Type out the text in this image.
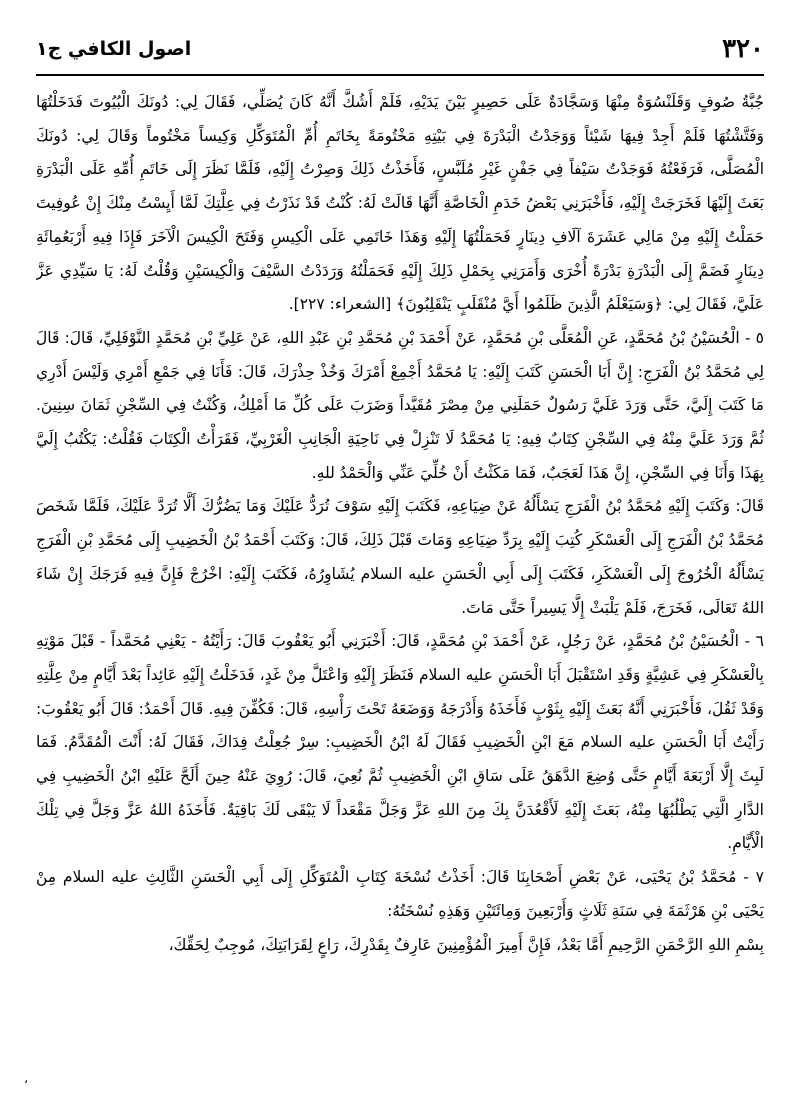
٣٢٠
اصول الكافي ج١

جُبَّةُ صُوفٍ وَقَلَنْسُوَةٌ مِنْهَا وَسَجَّادَةٌ عَلَى حَصِيرٍ بَيْنَ يَدَيْهِ، فَلَمْ أَشُكَّ أَنَّهُ كَانَ يُصَلِّي، فَقَالَ لِي: دُونَكَ الْبُيُوتَ فَدَخَلْتُهَا وَفَتَّشْتُهَا فَلَمْ أَجِدْ فِيهَا شَيْئاً وَوَجَدْتُ الْبَدْرَةَ فِي بَيْتِهِ مَخْتُومَةً بِخَاتَمِ أُمِّ الْمُتَوَكِّلِ وَكِيساً مَخْتُوماً وَقَالَ لِي: دُونَكَ الْمُصَلَّى، فَرَفَعْتُهُ فَوَجَدْتُ سَيْفاً فِي جَفْنٍ غَيْرِ مُلَبَّسٍ، فَأَخَذْتُ ذَلِكَ وَصِرْتُ إِلَيْهِ، فَلَمَّا نَظَرَ إِلَى خَاتَمِ أُمِّهِ عَلَى الْبَدْرَةِ بَعَثَ إِلَيْهَا فَخَرَجَتْ إِلَيْهِ، فَأَخْبَرَنِي بَعْضُ خَدَمِ الْخَاصَّةِ أَنَّهَا قَالَتْ لَهُ: كُنْتُ قَدْ نَذَرْتُ فِي عِلَّتِكَ لَمَّا أَيِسْتُ مِنْكَ إِنْ عُوفِيتَ حَمَلْتُ إِلَيْهِ مِنْ مَالِي عَشَرَةَ آلَافِ دِينَارٍ فَحَمَلْتُهَا إِلَيْهِ وَهَذَا خَاتَمِي عَلَى الْكِيسِ وَفَتَحَ الْكِيسَ الْآخَرَ فَإِذَا فِيهِ أَرْبَعُمِائَةِ دِينَارٍ فَضَمَّ إِلَى الْبَدْرَةِ بَدْرَةً أُخْرَى وَأَمَرَنِي بِحَمْلِ ذَلِكَ إِلَيْهِ فَحَمَلْتُهُ وَرَدَدْتُ السَّيْفَ وَالْكِيسَيْنِ وَقُلْتُ لَهُ: يَا سَيِّدِي عَزَّ عَلَيَّ، فَقَالَ لِي: ﴿وَسَيَعْلَمُ الَّذِينَ ظَلَمُوا أَيَّ مُنْقَلَبٍ يَنْقَلِبُونَ﴾ [الشعراء: ٢٢٧].

٥ - الْحُسَيْنُ بْنُ مُحَمَّدٍ، عَنِ الْمُعَلَّى بْنِ مُحَمَّدٍ، عَنْ أَحْمَدَ بْنِ مُحَمَّدِ بْنِ عَبْدِ اللهِ، عَنْ عَلِيِّ بْنِ مُحَمَّدٍ النَّوْفَلِيِّ، قَالَ: قَالَ لِي مُحَمَّدُ بْنُ الْفَرَجِ: إِنَّ أَبَا الْحَسَنِ كَتَبَ إِلَيْهِ: يَا مُحَمَّدُ أَجْمِعْ أَمْرَكَ وَخُذْ حِذْرَكَ، قَالَ: فَأَنَا فِي جَمْعِ أَمْرِي وَلَيْسَ أَدْرِي مَا كَتَبَ إِلَيَّ، حَتَّى وَرَدَ عَلَيَّ رَسُولٌ حَمَلَنِي مِنْ مِصْرَ مُقَيَّداً وَضَرَبَ عَلَى كُلِّ مَا أَمْلِكُ، وَكُنْتُ فِي السِّجْنِ ثَمَانَ سِنِينَ. ثُمَّ وَرَدَ عَلَيَّ مِنْهُ فِي السِّجْنِ كِتَابٌ فِيهِ: يَا مُحَمَّدُ لَا تَنْزِلْ فِي نَاحِيَةِ الْجَانِبِ الْغَرْبِيِّ، فَقَرَأْتُ الْكِتَابَ فَقُلْتُ: يَكْتُبُ إِلَيَّ بِهَذَا وَأَنَا فِي السِّجْنِ، إِنَّ هَذَا لَعَجَبٌ، فَمَا مَكَثْتُ أَنْ خُلِّيَ عَنِّي وَالْحَمْدُ للهِ.

قَالَ: وَكَتَبَ إِلَيْهِ مُحَمَّدُ بْنُ الْفَرَجِ يَسْأَلُهُ عَنْ ضِيَاعِهِ، فَكَتَبَ إِلَيْهِ سَوْفَ تُرَدُّ عَلَيْكَ وَمَا يَضُرُّكَ أَلَّا تُرَدَّ عَلَيْكَ، فَلَمَّا شَخَصَ مُحَمَّدُ بْنُ الْفَرَجِ إِلَى الْعَسْكَرِ كُتِبَ إِلَيْهِ بِرَدِّ ضِيَاعِهِ وَمَاتَ قَبْلَ ذَلِكَ، قَالَ: وَكَتَبَ أَحْمَدُ بْنُ الْخَضِيبِ إِلَى مُحَمَّدِ بْنِ الْفَرَجِ يَسْأَلُهُ الْخُرُوجَ إِلَى الْعَسْكَرِ، فَكَتَبَ إِلَى أَبِي الْحَسَنِ عليه السلام يُشَاوِرُهُ، فَكَتَبَ إِلَيْهِ: اخْرُجْ فَإِنَّ فِيهِ فَرَجَكَ إِنْ شَاءَ اللهُ تَعَالَى، فَخَرَجَ، فَلَمْ يَلْبَثْ إِلَّا يَسِيراً حَتَّى مَاتَ.

٦ - الْحُسَيْنُ بْنُ مُحَمَّدٍ، عَنْ رَجُلٍ، عَنْ أَحْمَدَ بْنِ مُحَمَّدٍ، قَالَ: أَخْبَرَنِي أَبُو يَعْقُوبَ قَالَ: رَأَيْتُهُ - يَعْنِي مُحَمَّداً - قَبْلَ مَوْتِهِ بِالْعَسْكَرِ فِي عَشِيَّةٍ وَقَدِ اسْتَقْبَلَ أَبَا الْحَسَنِ عليه السلام فَنَظَرَ إِلَيْهِ وَاعْتَلَّ مِنْ غَدٍ، فَدَخَلْتُ إِلَيْهِ عَائِداً بَعْدَ أَيَّامٍ مِنْ عِلَّتِهِ وَقَدْ ثَقُلَ، فَأَخْبَرَنِي أَنَّهُ بَعَثَ إِلَيْهِ بِثَوْبٍ فَأَخَذَهُ وَأَدْرَجَهُ وَوَضَعَهُ تَحْتَ رَأْسِهِ، قَالَ: فَكُفِّنَ فِيهِ. قَالَ أَحْمَدُ: قَالَ أَبُو يَعْقُوبَ: رَأَيْتُ أَبَا الْحَسَنِ عليه السلام مَعَ ابْنِ الْخَضِيبِ فَقَالَ لَهُ ابْنُ الْخَضِيبِ: سِرْ جُعِلْتُ فِدَاكَ، فَقَالَ لَهُ: أَنْتَ الْمُقَدَّمُ. فَمَا لَبِثَ إِلَّا أَرْبَعَةَ أَيَّامٍ حَتَّى وُضِعَ الدَّهَقُ عَلَى سَاقِ ابْنِ الْخَضِيبِ ثُمَّ نُعِيَ، قَالَ: رُوِيَ عَنْهُ حِينَ أَلَحَّ عَلَيْهِ ابْنُ الْخَضِيبِ فِي الدَّارِ الَّتِي يَطْلُبُهَا مِنْهُ، بَعَثَ إِلَيْهِ لَأَقْعُدَنَّ بِكَ مِنَ اللهِ عَزَّ وَجَلَّ مَقْعَداً لَا يَبْقَى لَكَ بَاقِيَةٌ. فَأَخَذَهُ اللهُ عَزَّ وَجَلَّ فِي تِلْكَ الْأَيَّامِ.

٧ - مُحَمَّدُ بْنُ يَحْيَى، عَنْ بَعْضِ أَصْحَابِنَا قَالَ: أَخَذْتُ نُسْخَةَ كِتَابِ الْمُتَوَكِّلِ إِلَى أَبِي الْحَسَنِ الثَّالِثِ عليه السلام مِنْ يَحْيَى بْنِ هَرْثَمَةَ فِي سَنَةِ ثَلَاثٍ وَأَرْبَعِينَ وَمِائَتَيْنِ وَهَذِهِ نُسْخَتُهُ:

بِسْمِ اللهِ الرَّحْمَنِ الرَّحِيمِ أَمَّا بَعْدُ، فَإِنَّ أَمِيرَ الْمُؤْمِنِينَ عَارِفٌ بِقَدْرِكَ، رَاعٍ لِقَرَابَتِكَ، مُوجِبٌ لِحَقِّكَ،

،
